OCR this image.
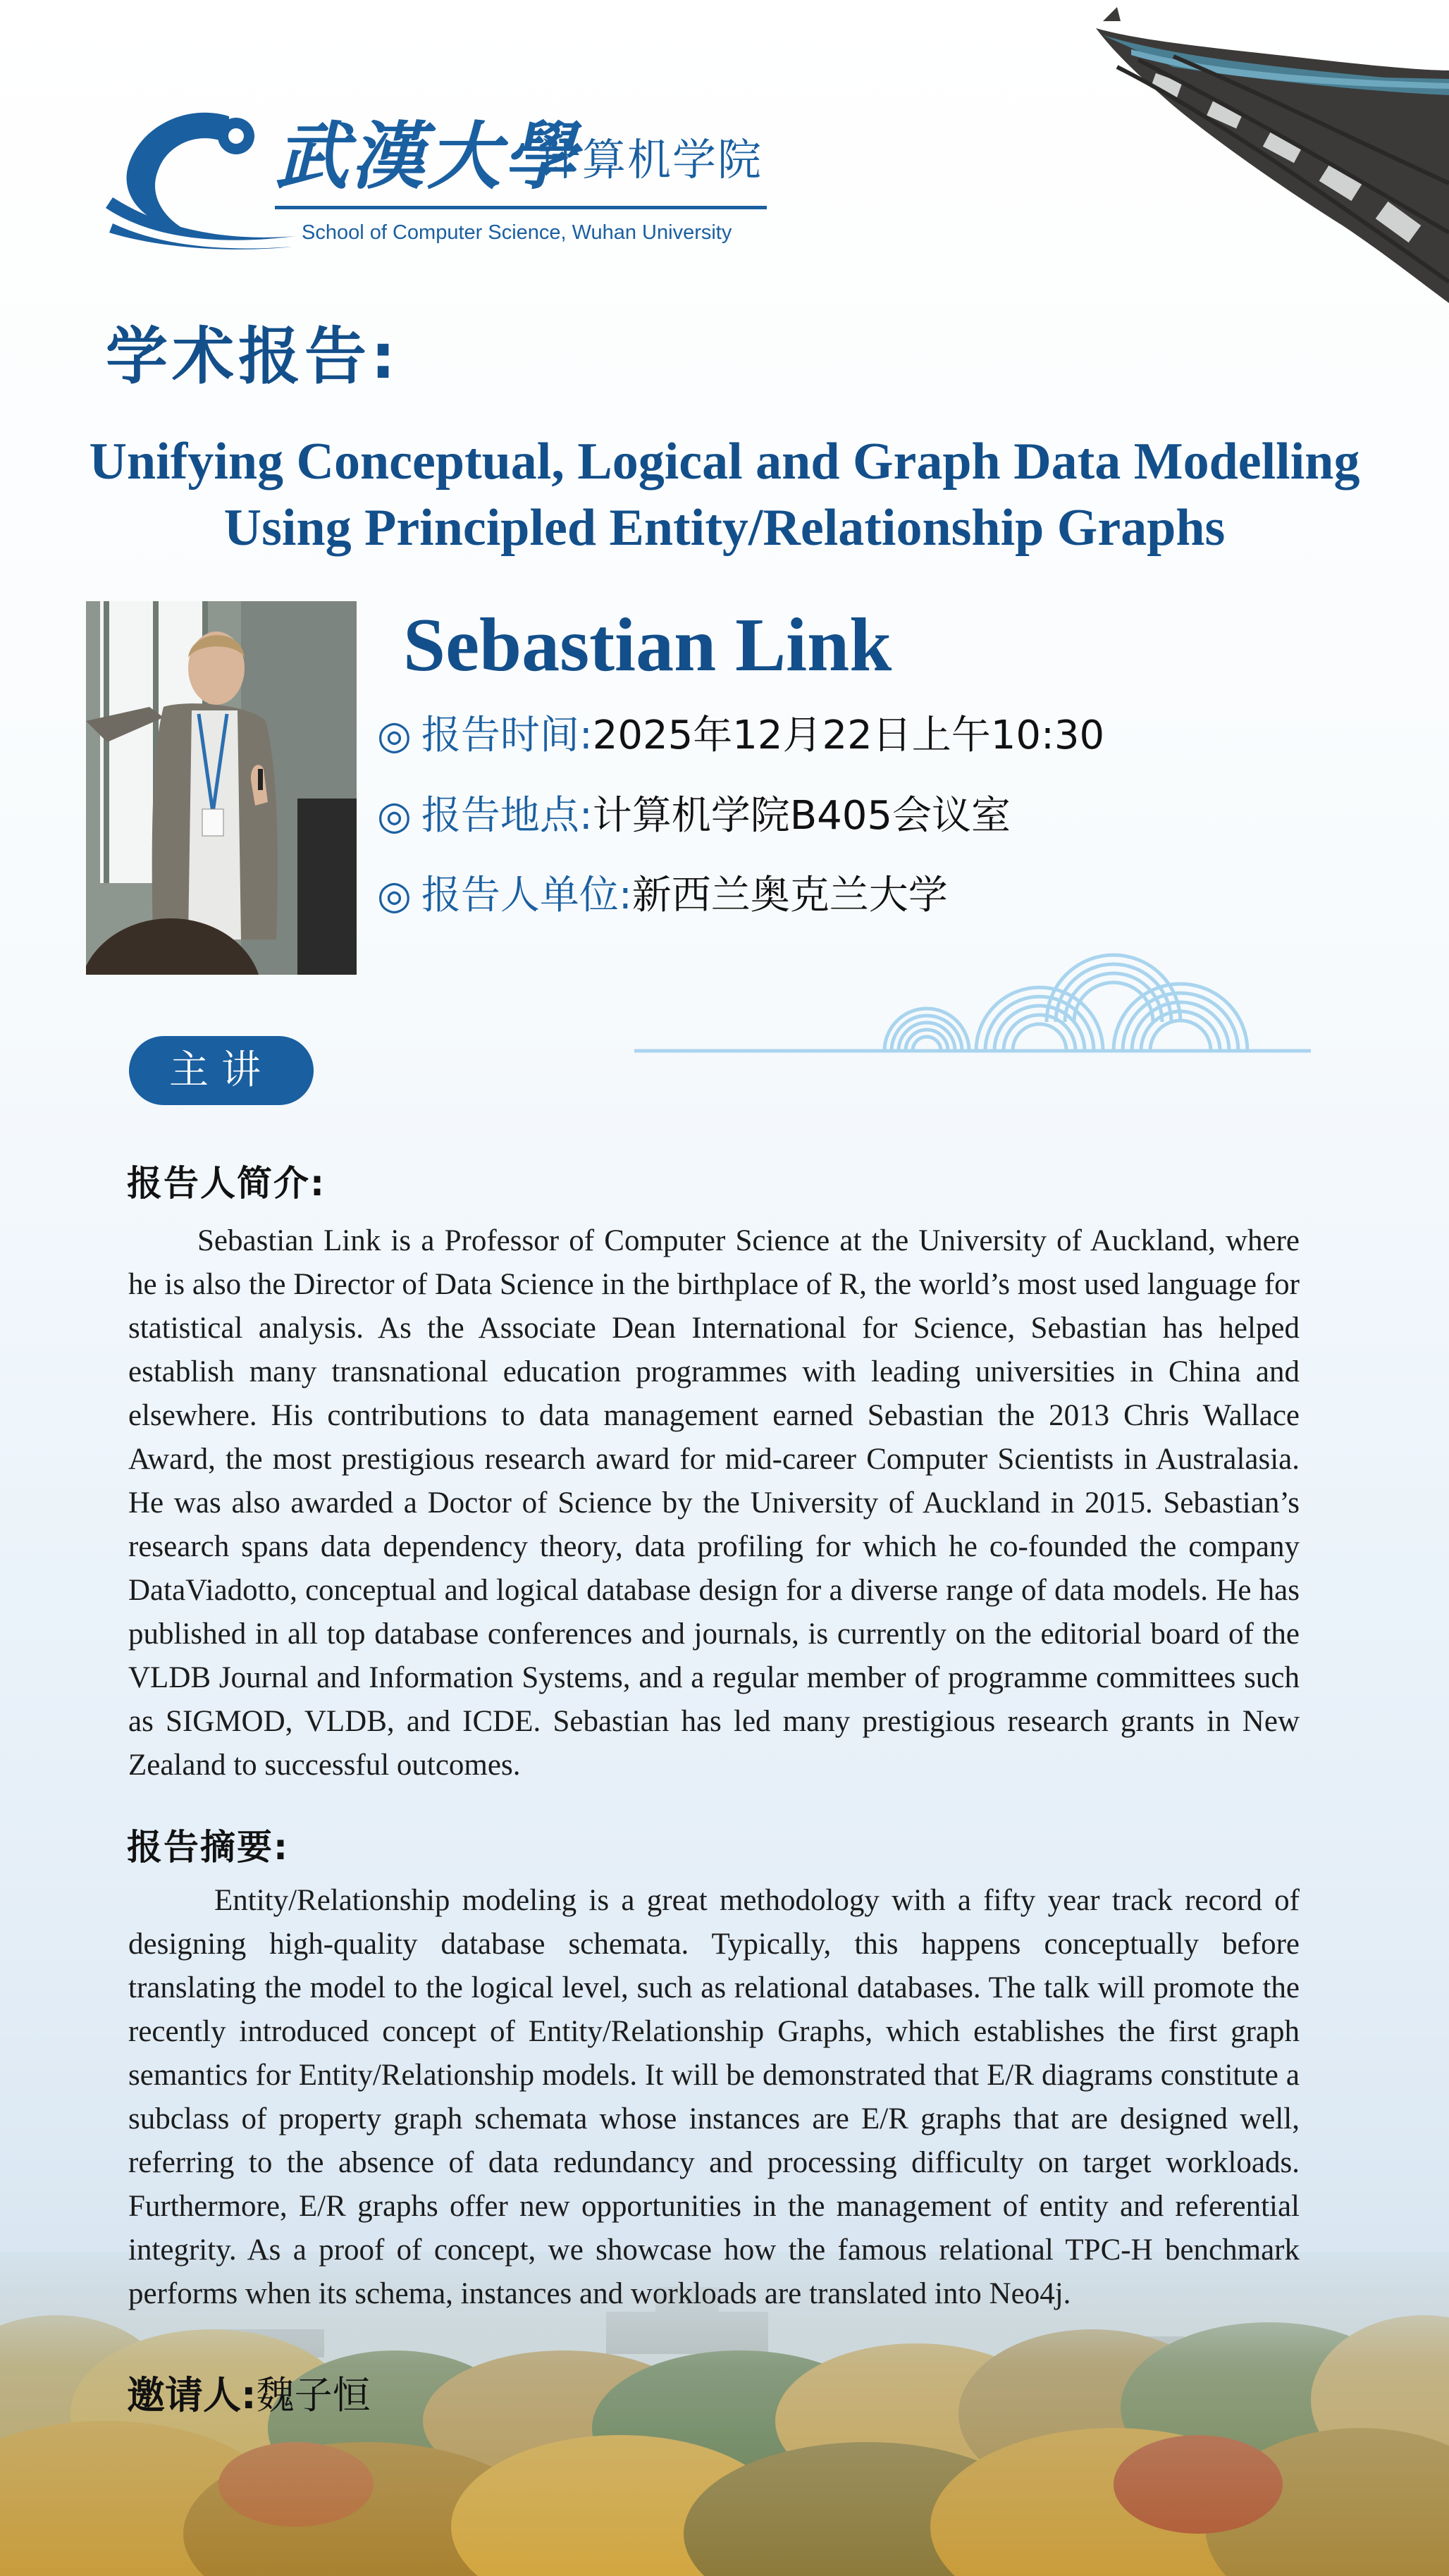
武漢大學
计算机学院
School of Computer Science, Wuhan University
学术报告:
Unifying Conceptual, Logical and Graph Data Modelling Using Principled Entity/Relationship Graphs
Sebastian Link
◎ 报告时间:2025年12月22日上午10:30
◎ 报告地点:计算机学院B405会议室
◎ 报告人单位:新西兰奥克兰大学
主讲
报告人简介:
Sebastian Link is a Professor of Computer Science at the University of Auckland, where he is also the Director of Data Science in the birthplace of R, the world’s most used language for statistical analysis. As the Associate Dean International for Science, Sebastian has helped establish many transnational education programmes with leading universities in China and elsewhere. His contributions to data management earned Sebastian the 2013 Chris Wallace Award, the most prestigious research award for mid-career Computer Scientists in Australasia. He was also awarded a Doctor of Science by the University of Auckland in 2015. Sebastian’s research spans data dependency theory, data profiling for which he co-founded the company DataViadotto, conceptual and logical database design for a diverse range of data models. He has published in all top database conferences and journals, is currently on the editorial board of the VLDB Journal and Information Systems, and a regular member of programme committees such as SIGMOD, VLDB, and ICDE. Sebastian has led many prestigious research grants in New Zealand to successful outcomes.
报告摘要:
Entity/Relationship modeling is a great methodology with a fifty year track record of designing high-quality database schemata. Typically, this happens conceptually before translating the model to the logical level, such as relational databases. The talk will promote the recently introduced concept of Entity/Relationship Graphs, which establishes the first graph semantics for Entity/Relationship models. It will be demonstrated that E/R diagrams constitute a subclass of property graph schemata whose instances are E/R graphs that are designed well, referring to the absence of data redundancy and processing difficulty on target workloads. Furthermore, E/R graphs offer new opportunities in the management of entity and referential integrity. As a proof of concept, we showcase how the famous relational TPC-H benchmark performs when its schema, instances and workloads are translated into Neo4j.
邀请人:魏子恒
